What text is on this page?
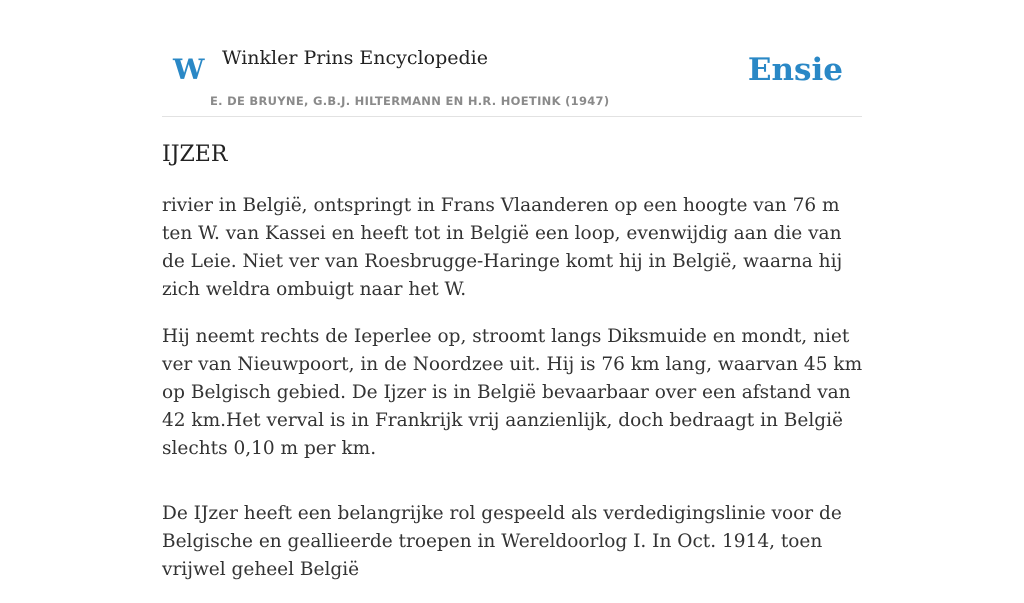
W Winkler Prins Encyclopedie
E. DE BRUYNE, G.B.J. HILTERMANN EN H.R. HOETINK (1947)
Ensie
IJZER

rivier in België, ontspringt in Frans Vlaanderen op een hoogte van 76 m ten W. van Kassei en heeft tot in België een loop, evenwijdig aan die van de Leie. Niet ver van Roesbrugge-Haringe komt hij in België, waarna hij zich weldra ombuigt naar het W.

Hij neemt rechts de Ieperlee op, stroomt langs Diksmuide en mondt, niet ver van Nieuwpoort, in de Noordzee uit. Hij is 76 km lang, waarvan 45 km op Belgisch gebied. De Ijzer is in België bevaarbaar over een afstand van 42 km.Het verval is in Frankrijk vrij aanzienlijk, doch bedraagt in België slechts 0,10 m per km.

De IJzer heeft een belangrijke rol gespeeld als verdedigingslinie voor de Belgische en geallieerde troepen in Wereldoorlog I. In Oct. 1914, toen vrijwel geheel België
